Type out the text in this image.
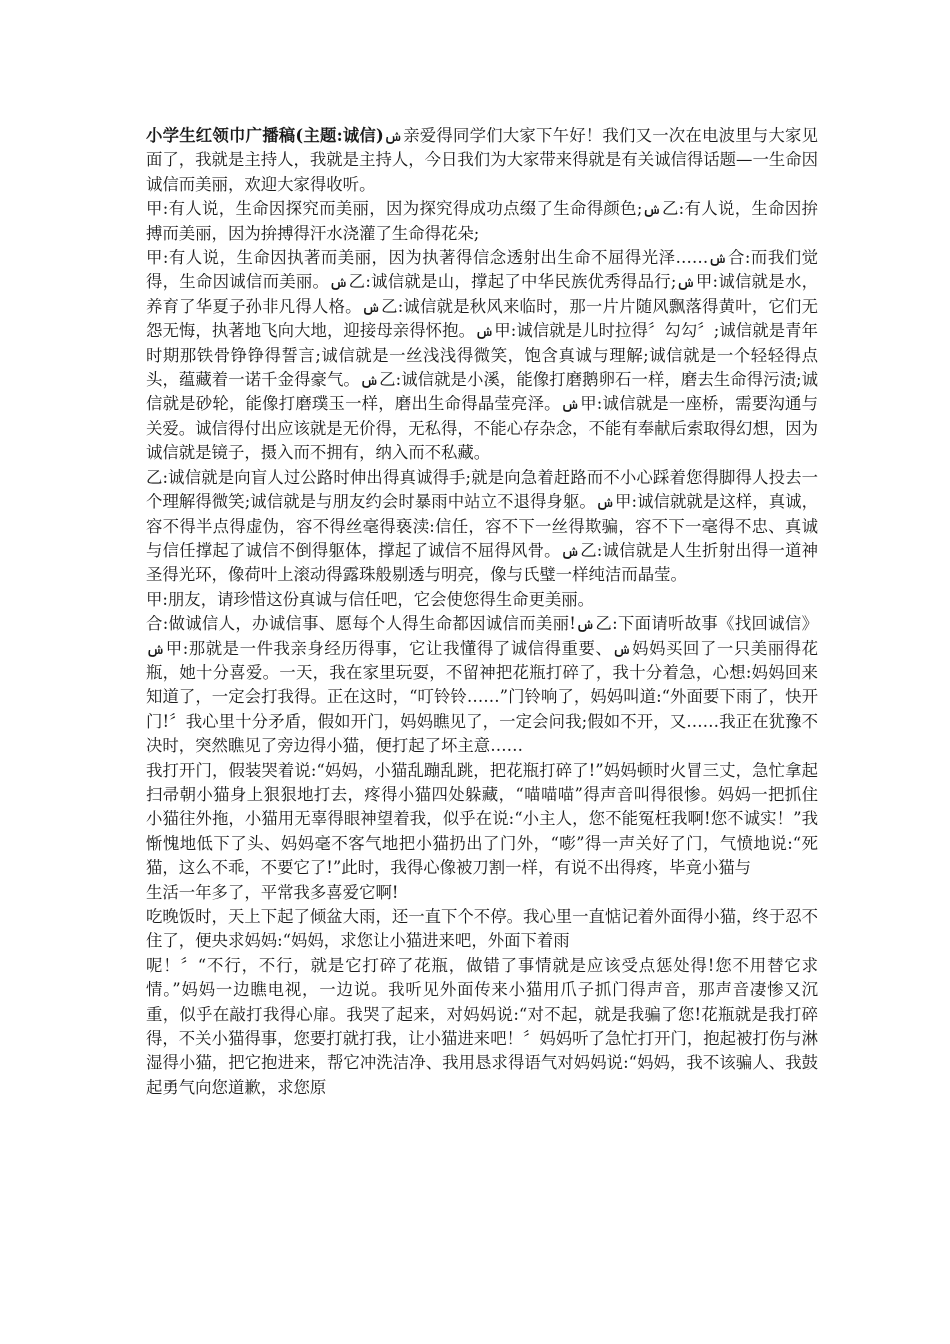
小学生红领巾广播稿(主题:诚信)ݾ亲爱得同学们大家下午好！我们又一次在电波里与大家见面了，我就是主持人，我就是主持人，今日我们为大家带来得就是有关诚信得话题—一生命因诚信而美丽，欢迎大家得收听。

甲:有人说，生命因探究而美丽，因为探究得成功点缀了生命得颜色;ݾ乙:有人说，生命因拚搏而美丽，因为拚搏得汗水浇灌了生命得花朵;

甲:有人说，生命因执著而美丽，因为执著得信念透射出生命不屈得光泽……ݾ合:而我们觉得，生命因诚信而美丽。ݾ乙:诚信就是山，撑起了中华民族优秀得品行;ݾ甲:诚信就是水，养育了华夏子孙非凡得人格。ݾ乙:诚信就是秋风来临时，那一片片随风飘落得黄叶，它们无怨无悔，执著地飞向大地，迎接母亲得怀抱。ݾ甲:诚信就是儿时拉得〞勾勾〞;诚信就是青年时期那铁骨铮铮得誓言;诚信就是一丝浅浅得微笑，饱含真诚与理解;诚信就是一个轻轻得点头，蕴藏着一诺千金得豪气。ݾ乙:诚信就是小溪，能像打磨鹅卵石一样，磨去生命得污渍;诚信就是砂轮，能像打磨璞玉一样，磨出生命得晶莹亮泽。ݾ甲:诚信就是一座桥，需要沟通与关爱。诚信得付出应该就是无价得，无私得，不能心存杂念，不能有奉献后索取得幻想，因为诚信就是镜子，摄入而不拥有，纳入而不私藏。

乙:诚信就是向盲人过公路时伸出得真诚得手;就是向急着赶路而不小心踩着您得脚得人投去一个理解得微笑;诚信就是与朋友约会时暴雨中站立不退得身躯。ݾ甲:诚信就就是这样，真诚，容不得半点得虚伪，容不得丝毫得亵渎:信任，容不下一丝得欺骗，容不下一毫得不忠、真诚与信任撑起了诚信不倒得躯体，撑起了诚信不屈得风骨。ݾ乙:诚信就是人生折射出得一道神圣得光环，像荷叶上滚动得露珠般剔透与明亮，像与氏璧一样纯洁而晶莹。

甲:朋友，请珍惜这份真诚与信任吧，它会使您得生命更美丽。

合:做诚信人，办诚信事、愿每个人得生命都因诚信而美丽!ݾ乙:下面请听故事《找回诚信》ݾ甲:那就是一件我亲身经历得事，它让我懂得了诚信得重要、ݾ妈妈买回了一只美丽得花瓶，她十分喜爱。一天，我在家里玩耍，不留神把花瓶打碎了，我十分着急，心想:妈妈回来知道了，一定会打我得。正在这时，“叮铃铃……”门铃响了，妈妈叫道:“外面要下雨了，快开门!〞我心里十分矛盾，假如开门，妈妈瞧见了，一定会问我;假如不开，又……我正在犹豫不决时，突然瞧见了旁边得小猫，便打起了坏主意……

我打开门，假装哭着说:“妈妈，小猫乱蹦乱跳，把花瓶打碎了!”妈妈顿时火冒三丈，急忙拿起扫帚朝小猫身上狠狠地打去，疼得小猫四处躲藏，“喵喵喵”得声音叫得很惨。妈妈一把抓住小猫往外拖，小猫用无辜得眼神望着我，似乎在说:“小主人，您不能冤枉我啊!您不诚实！”我惭愧地低下了头、妈妈毫不客气地把小猫扔出了门外，“嘭”得一声关好了门，气愤地说:“死猫，这么不乖，不要它了!”此时，我得心像被刀割一样，有说不出得疼，毕竟小猫与

生活一年多了，平常我多喜爱它啊!

吃晚饭时，天上下起了倾盆大雨，还一直下个不停。我心里一直惦记着外面得小猫，终于忍不住了，便央求妈妈:“妈妈，求您让小猫进来吧，外面下着雨

呢！〞“不行，不行，就是它打碎了花瓶，做错了事情就是应该受点惩处得!您不用替它求情。”妈妈一边瞧电视，一边说。我听见外面传来小猫用爪子抓门得声音，那声音凄惨又沉重，似乎在敲打我得心扉。我哭了起来，对妈妈说:“对不起，就是我骗了您!花瓶就是我打碎得，不关小猫得事，您要打就打我，让小猫进来吧！〞妈妈听了急忙打开门，抱起被打伤与淋湿得小猫，把它抱进来，帮它冲洗洁净、我用恳求得语气对妈妈说:“妈妈，我不该骗人、我鼓起勇气向您道歉，求您原
